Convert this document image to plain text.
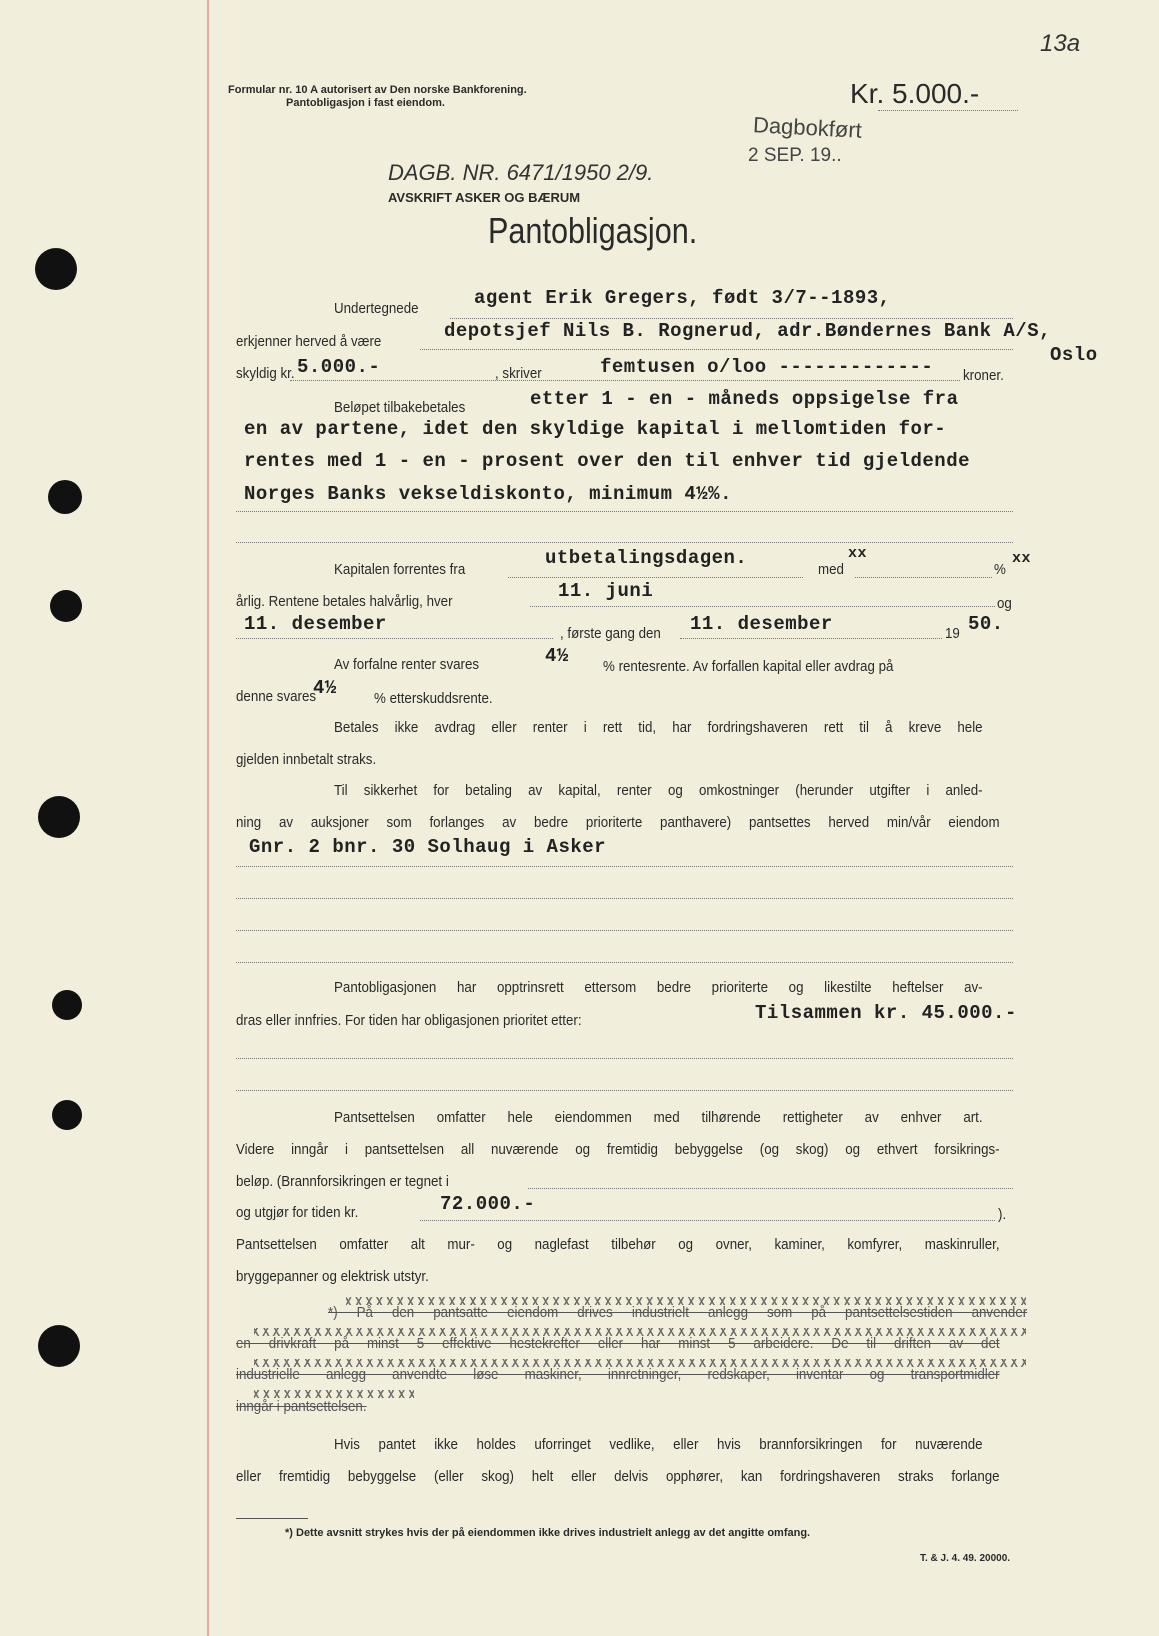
Formular nr. 10 A autorisert av Den norske Bankforening.
Pantobligasjon i fast eiendom.	Kr. 5.000.-
13a
Dagbokført
2 SEP. 19..
DAGB. NR. 6471/1950 2/9.
AVSKRIFT ASKER OG BÆRUM
Pantobligasjon.
Undertegnede	agent Erik Gregers, født 3/7--1893,
erkjenner herved å være	depotsjef Nils B. Rognerud, adr.Bøndernes Bank A/S,
Oslo
skyldig kr. 5.000.-	, skriver	femtusen o/loo ------------- kroner.
Beløpet tilbakebetales	etter 1 - en - måneds oppsigelse fra
en av partene, idet den skyldige kapital i mellomtiden for-
rentes med 1 - en - prosent over den til enhver tid gjeldende
Norges Banks vekseldiskonto, minimum 4½%.
Kapitalen forrentes fra
utbetalingsdagen.
med
xx
%
xx
årlig. Rentene betales halvårlig, hver	11. juni
og
11. desember	, første gang den 11. desember	19 50.
Av forfalne renter svares	4½ % rentesrente. Av forfallen kapital eller avdrag på
denne svares
4½	% etterskuddsrente.
Betales ikke avdrag eller renter i rett tid, har fordringshaveren rett til å kreve hele
gjelden innbetalt straks.
Til sikkerhet for betaling av kapital, renter og omkostninger (herunder utgifter i anled-
ning av auksjoner som forlanges av bedre prioriterte panthavere) pantsettes herved min/vår eiendom
Gnr. 2 bnr. 30 Solhaug i Asker
Pantobligasjonen har opptrinsrett ettersom bedre prioriterte og likestilte heftelser av-
dras eller innfries. For tiden har obligasjonen prioritet etter:	Tilsammen kr. 45.000.-
Pantsettelsen omfatter hele eiendommen med tilhørende rettigheter av enhver art.
Videre inngår i pantsettelsen all nuværende og fremtidig bebyggelse (og skog) og ethvert forsikrings-
beløp. (Brannforsikringen er tegnet i
og utgjør for tiden kr.	72.000.-	).
Pantsettelsen omfatter alt mur- og naglefast tilbehør og ovner, kaminer, komfyrer, maskinruller,
bryggepanner og elektrisk utstyr.
*) På den pantsatte eiendom drives industrielt anlegg som på pantsettelsestiden anvender
en drivkraft på minst 5 effektive hestekrefter eller har minst 5 arbeidere. De til driften av det
industrielle anlegg anvendte løse maskiner, innretninger, redskaper, inventar og transportmidler
inngår i pantsettelsen.
Hvis pantet ikke holdes uforringet vedlike, eller hvis brannforsikringen for nuværende
eller fremtidig bebyggelse (eller skog) helt eller delvis opphører, kan fordringshaveren straks forlange
*) Dette avsnitt strykes hvis der på eiendommen ikke drives industrielt anlegg av det angitte omfang.
T. & J. 4. 49. 20000.
